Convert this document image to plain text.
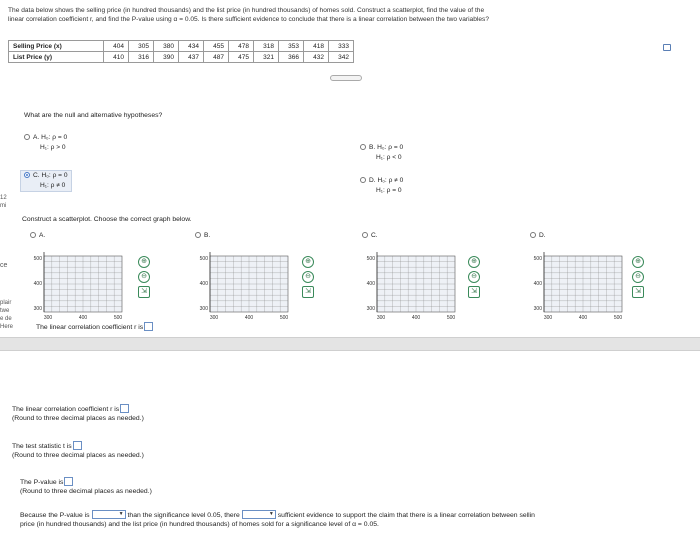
The data below shows the selling price (in hundred thousands) and the list price (in hundred thousands) of homes sold. Construct a scatterplot, find the value of the
linear correlation coefficient r, and find the P-value using α = 0.05. Is there sufficient evidence to conclude that there is a linear correlation between the two variables?
Selling Price (x)	404	305	380	434	455	478	318	353	418	333
List Price (y)	410	316	390	437	487	475	321	366	432	342
What are the null and alternative hypotheses?
A. H₀: ρ = 0
H₁: ρ > 0
C. H₀: ρ = 0
H₁: ρ ≠ 0
B. H₀: ρ = 0
H₁: ρ < 0
D. H₀: ρ ≠ 0
H₁: ρ = 0
12
mi
ce
plair
twe
e de
Here
Construct a scatterplot. Choose the correct graph below.
A.	B.	C.	D.
500
400
300
300	400	500
500
400
300
300	400	500
500
400
300
300	400	500
500
400
300
300	400	500
⊕
⊖
⇲
⊕
⊖
⇲
⊕
⊖
⇲
⊕
⊖
⇲
The linear correlation coefficient r is
The linear correlation coefficient r is
(Round to three decimal places as needed.)
The test statistic t is
(Round to three decimal places as needed.)
The P-value is
(Round to three decimal places as needed.)
Because the P-value is ▼	than the significance level 0.05, there ▼	sufficient evidence to support the claim that there is a linear correlation between sellin
price (in hundred thousands) and the list price (in hundred thousands) of homes sold for a significance level of α = 0.05.
